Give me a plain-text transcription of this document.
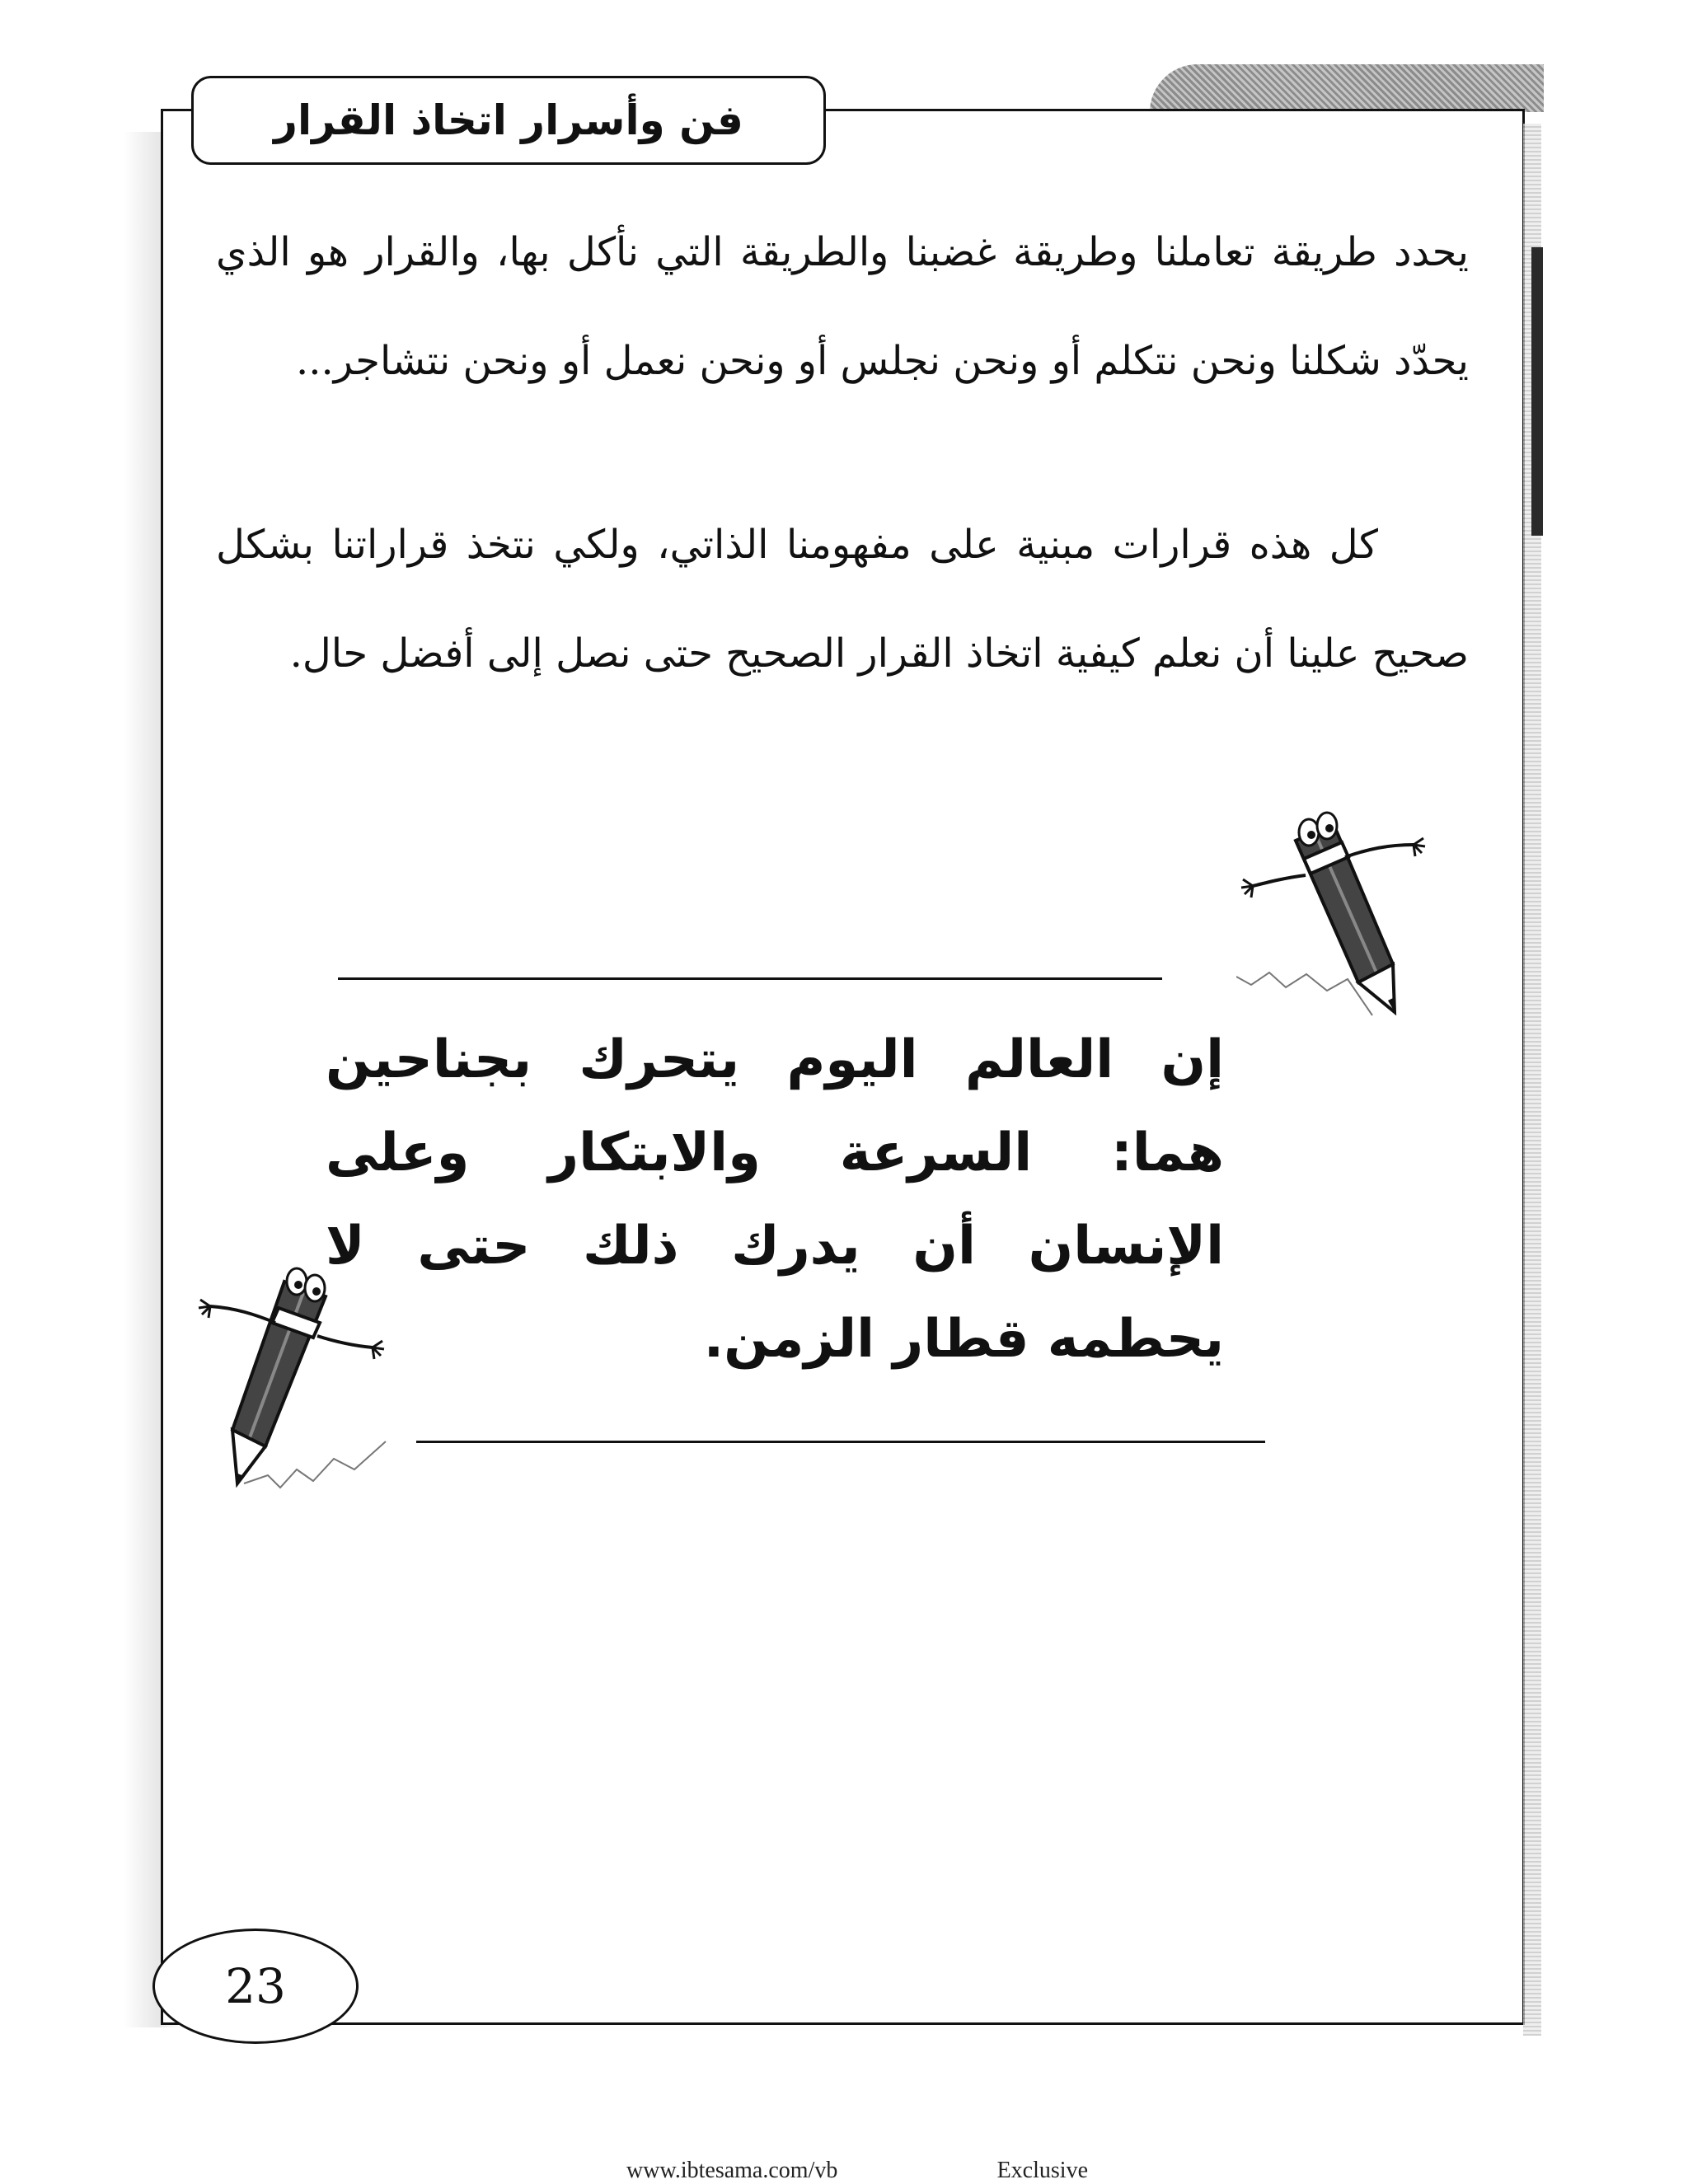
فن وأسرار اتخاذ القرار
يحدد طريقة تعاملنا وطريقة غضبنا والطريقة التي نأكل بها، والقرار هو الذي يحدّد شكلنا ونحن نتكلم أو ونحن نجلس أو ونحن نعمل أو ونحن نتشاجر...
كل هذه قرارات مبنية على مفهومنا الذاتي، ولكي نتخذ قراراتنا بشكل صحيح علينا أن نعلم كيفية اتخاذ القرار الصحيح حتى نصل إلى أفضل حال.
إن العالم اليوم يتحرك بجناحين هما: السرعة والابتكار وعلى الإنسان أن يدرك ذلك حتى لا يحطمه قطار الزمن.
23
www.ibtesama.com/vb	Exclusive
